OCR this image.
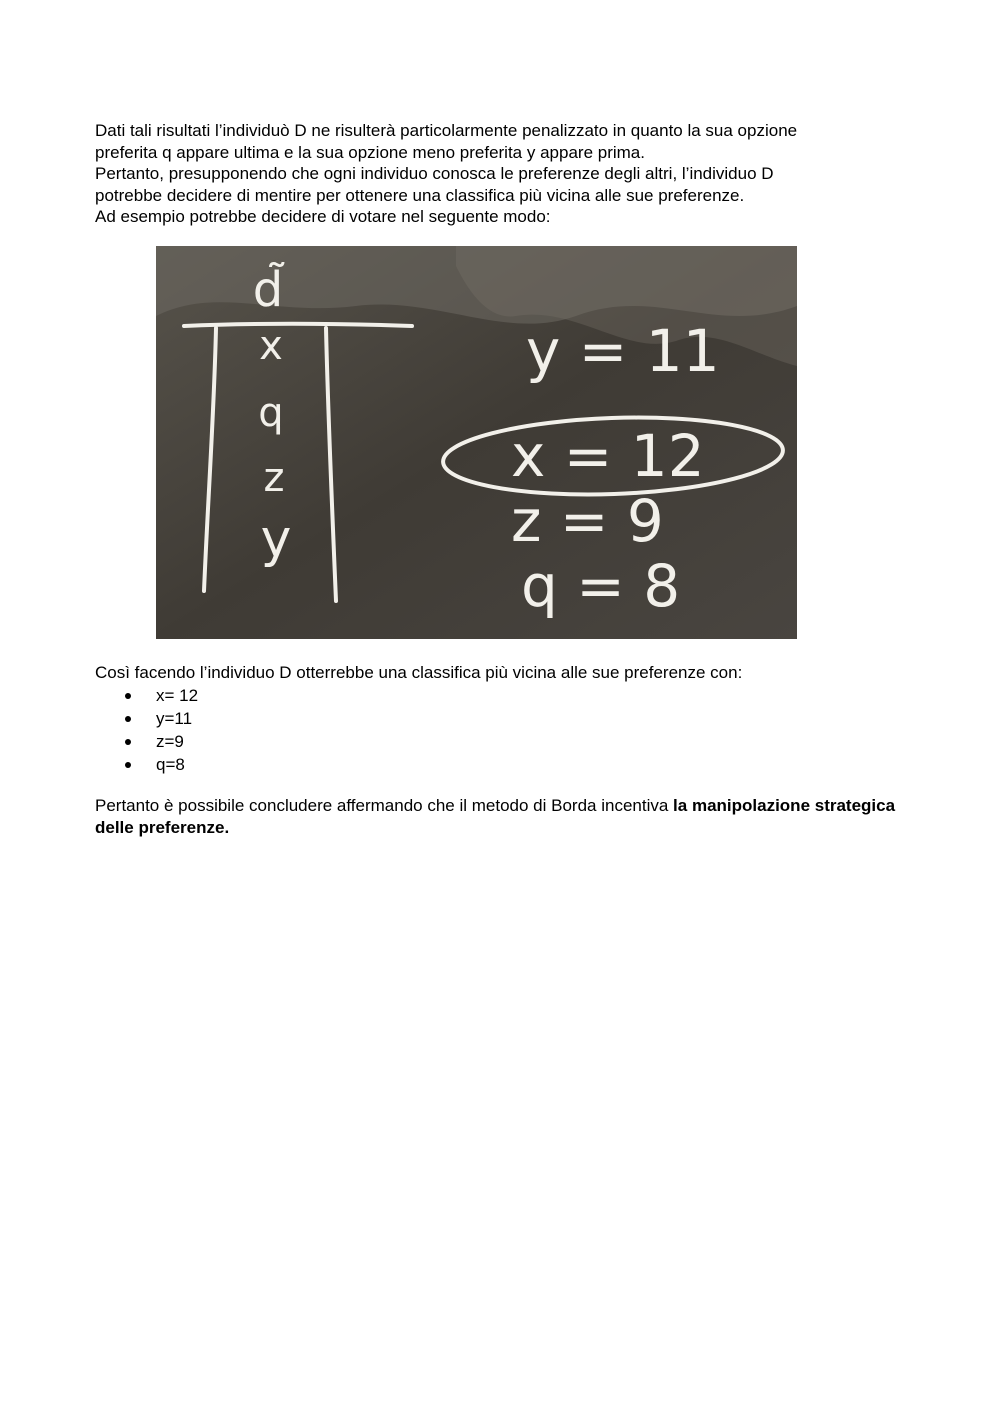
Dati tali risultati l’individuò D ne risulterà particolarmente penalizzato in quanto la sua opzione
preferita q appare ultima e la sua opzione meno preferita y appare prima.
Pertanto, presupponendo che ogni individuo conosca le preferenze degli altri, l’individuo D
potrebbe decidere di mentire per ottenere una classifica più vicina alle sue preferenze.
Ad esempio potrebbe decidere di votare nel seguente modo:
d̃
x
q
z
y
y = 11
x = 12
z = 9
q = 8
Così facendo l’individuo D otterrebbe una classifica più vicina alle sue preferenze con:
x= 12
y=11
z=9
q=8
Pertanto è possibile concludere affermando che il metodo di Borda incentiva la manipolazione strategica delle preferenze.
